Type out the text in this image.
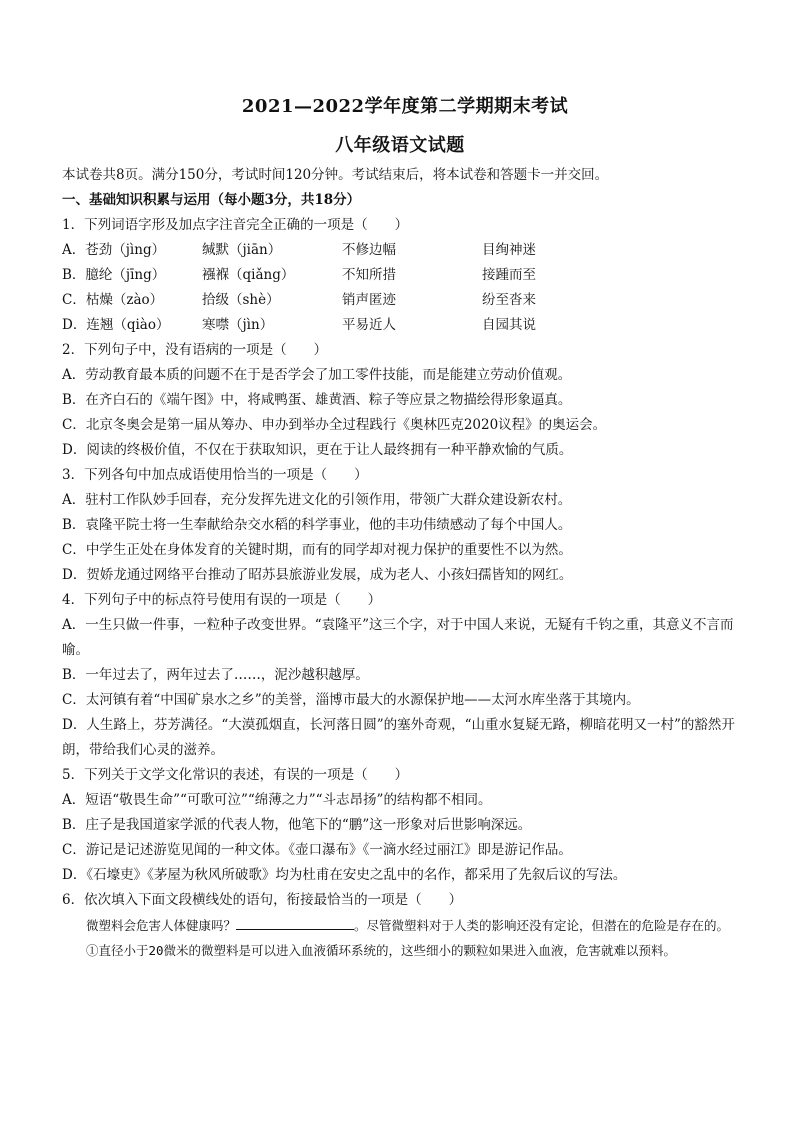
2021—2022学年度第二学期期末考试
八年级语文试题
本试卷共8页。满分150分，考试时间120分钟。考试结束后，将本试卷和答题卡一并交回。
一、基础知识积累与运用（每小题3分，共18分）
1．下列词语字形及加点字注音完全正确的一项是（　　）
A．苍劲（jìng）	缄默（jiān）	不修边幅	目绚神迷
B．臆纶（jīng）	襁褓（qiǎng）	不知所措	接踵而至
C．枯燥（zào）	拾级（shè）	销声匿迹	纷至沓来
D．连翘（qiào）	寒噤（jìn）	平易近人	自园其说
2．下列句子中，没有语病的一项是（　　）
A．劳动教育最本质的问题不在于是否学会了加工零件技能，而是能建立劳动价值观。
B．在齐白石的《端午图》中，将咸鸭蛋、雄黄酒、粽子等应景之物描绘得形象逼真。
C．北京冬奥会是第一届从筹办、申办到举办全过程践行《奥林匹克2020议程》的奥运会。
D．阅读的终极价值，不仅在于获取知识，更在于让人最终拥有一种平静欢愉的气质。
3．下列各句中加点成语使用恰当的一项是（　　）
A．驻村工作队妙手回春，充分发挥先进文化的引领作用，带领广大群众建设新农村。
B．袁隆平院士将一生奉献给杂交水稻的科学事业，他的丰功伟绩感动了每个中国人。
C．中学生正处在身体发育的关键时期，而有的同学却对视力保护的重要性不以为然。
D．贺娇龙通过网络平台推动了昭苏县旅游业发展，成为老人、小孩妇孺皆知的网红。
4．下列句子中的标点符号使用有误的一项是（　　）
A．一生只做一件事，一粒种子改变世界。“袁隆平”这三个字，对于中国人来说，无疑有千钧之重，其意义不言而喻。
B．一年过去了，两年过去了……，泥沙越积越厚。
C．太河镇有着“中国矿泉水之乡”的美誉，淄博市最大的水源保护地——太河水库坐落于其境内。
D．人生路上，芬芳满径。“大漠孤烟直，长河落日圆”的塞外奇观，“山重水复疑无路，柳暗花明又一村”的豁然开朗，带给我们心灵的滋养。
5．下列关于文学文化常识的表述，有误的一项是（　　）
A．短语“敬畏生命”“可歌可泣”“绵薄之力”“斗志昂扬”的结构都不相同。
B．庄子是我国道家学派的代表人物，他笔下的“鹏”这一形象对后世影响深远。
C．游记是记述游览见闻的一种文体。《壶口瀑布》《一滴水经过丽江》即是游记作品。
D．《石壕吏》《茅屋为秋风所破歌》均为杜甫在安史之乱中的名作，都采用了先叙后议的写法。
6．依次填入下面文段横线处的语句，衔接最恰当的一项是（　　）
微塑料会危害人体健康吗？	。尽管微塑料对于人类的影响还没有定论，但潜在的危险是存在的。
①直径小于20微米的微塑料是可以进入血液循环系统的，这些细小的颗粒如果进入血液，危害就难以预料。
